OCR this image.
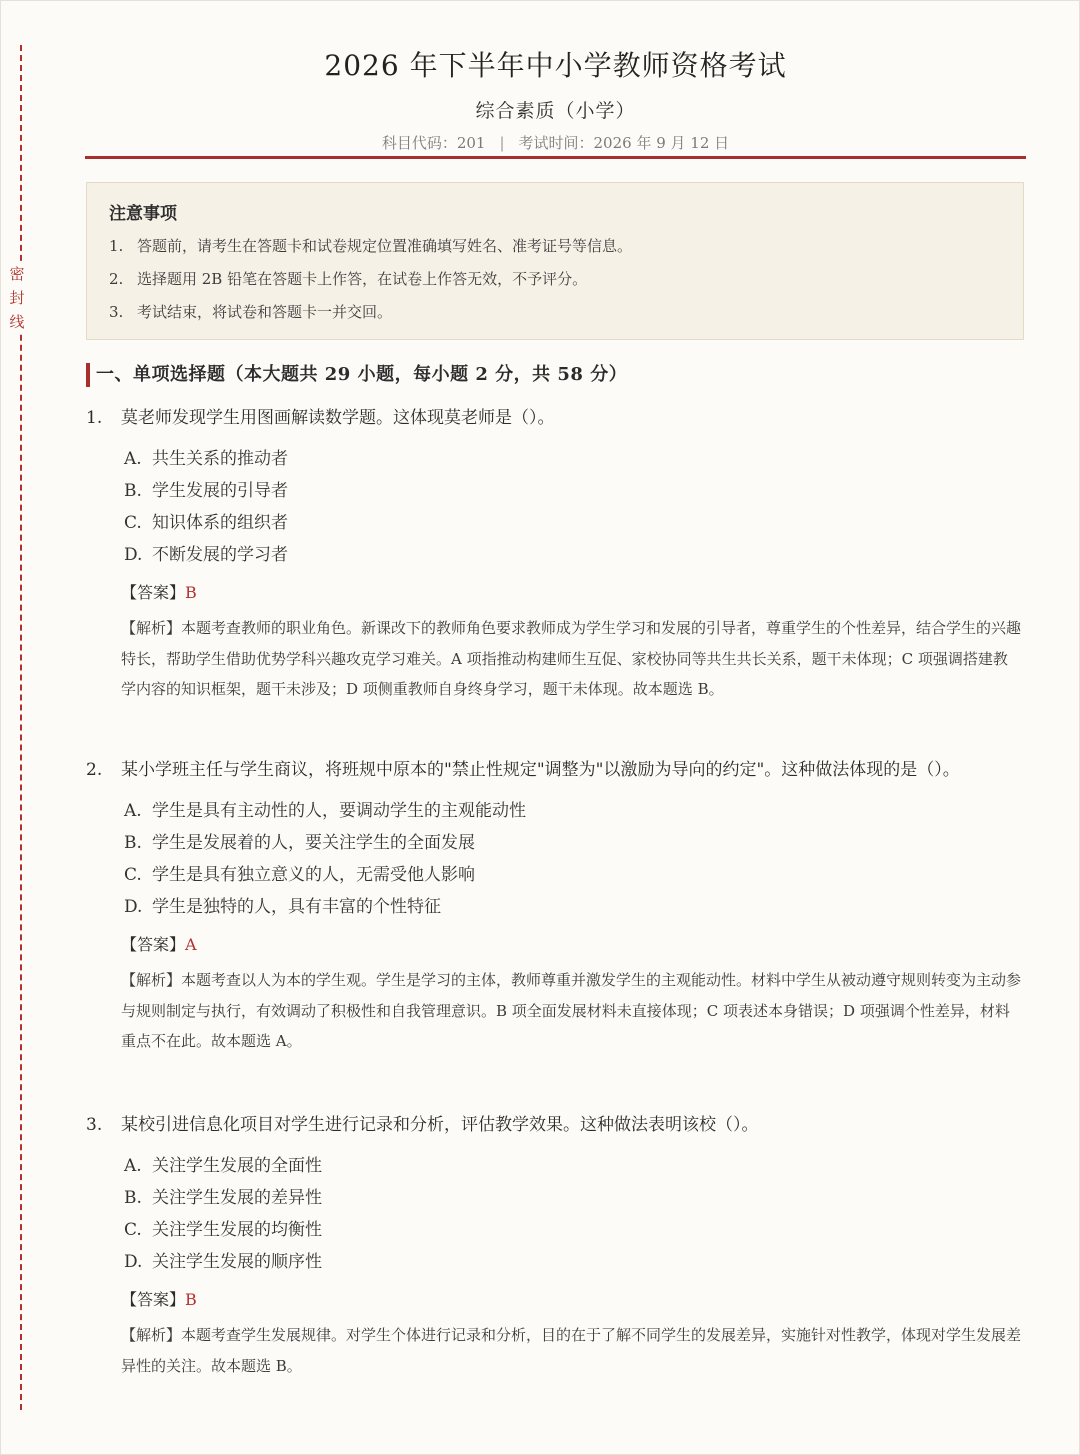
密封线
2026 年下半年中小学教师资格考试
综合素质（小学）
科目代码：201 | 考试时间：2026 年 9 月 12 日
注意事项
1. 答题前，请考生在答题卡和试卷规定位置准确填写姓名、准考证号等信息。
2. 选择题用 2B 铅笔在答题卡上作答，在试卷上作答无效，不予评分。
3. 考试结束，将试卷和答题卡一并交回。
一、单项选择题（本大题共 29 小题，每小题 2 分，共 58 分）
1.	莫老师发现学生用图画解读数学题。这体现莫老师是（）。
A. 共生关系的推动者
B. 学生发展的引导者
C. 知识体系的组织者
D. 不断发展的学习者
【答案】B
【解析】本题考查教师的职业角色。新课改下的教师角色要求教师成为学生学习和发展的引导者，尊重学生的个性差异，结合学生的兴趣特长，帮助学生借助优势学科兴趣攻克学习难关。A 项指推动构建师生互促、家校协同等共生共长关系，题干未体现；C 项强调搭建教学内容的知识框架，题干未涉及；D 项侧重教师自身终身学习，题干未体现。故本题选 B。
2.	某小学班主任与学生商议，将班规中原本的"禁止性规定"调整为"以激励为导向的约定"。这种做法体现的是（）。
A. 学生是具有主动性的人，要调动学生的主观能动性
B. 学生是发展着的人，要关注学生的全面发展
C. 学生是具有独立意义的人，无需受他人影响
D. 学生是独特的人，具有丰富的个性特征
【答案】A
【解析】本题考查以人为本的学生观。学生是学习的主体，教师尊重并激发学生的主观能动性。材料中学生从被动遵守规则转变为主动参与规则制定与执行，有效调动了积极性和自我管理意识。B 项全面发展材料未直接体现；C 项表述本身错误；D 项强调个性差异，材料重点不在此。故本题选 A。
3.	某校引进信息化项目对学生进行记录和分析，评估教学效果。这种做法表明该校（）。
A. 关注学生发展的全面性
B. 关注学生发展的差异性
C. 关注学生发展的均衡性
D. 关注学生发展的顺序性
【答案】B
【解析】本题考查学生发展规律。对学生个体进行记录和分析，目的在于了解不同学生的发展差异，实施针对性教学，体现对学生发展差异性的关注。故本题选 B。
